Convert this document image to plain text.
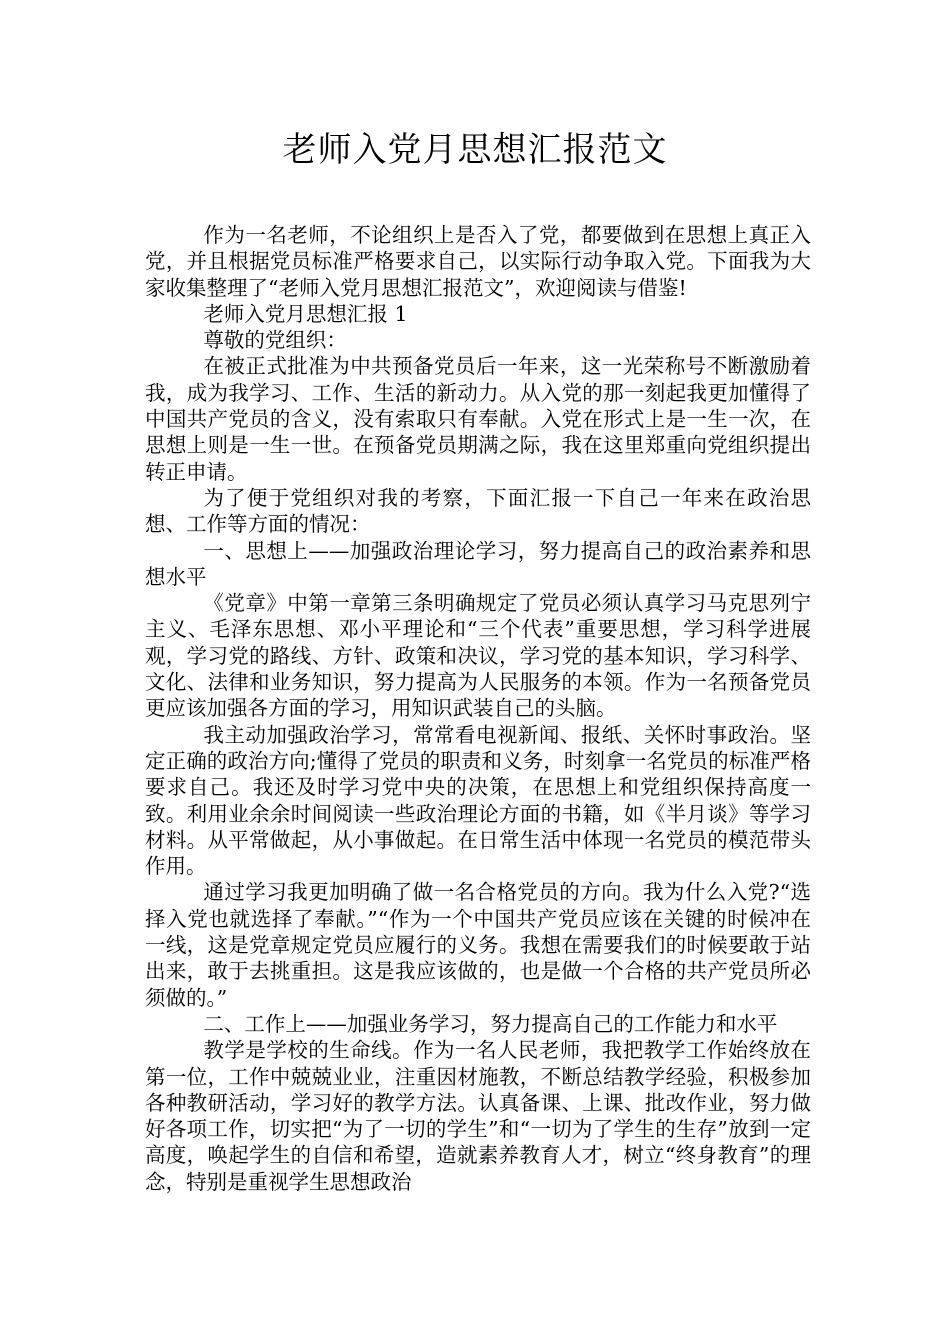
老师入党月思想汇报范文

作为一名老师，不论组织上是否入了党，都要做到在思想上真正入党，并且根据党员标准严格要求自己，以实际行动争取入党。下面我为大家收集整理了“老师入党月思想汇报范文”，欢迎阅读与借鉴!

老师入党月思想汇报 1

尊敬的党组织：

在被正式批准为中共预备党员后一年来，这一光荣称号不断激励着我，成为我学习、工作、生活的新动力。从入党的那一刻起我更加懂得了中国共产党员的含义，没有索取只有奉献。入党在形式上是一生一次，在思想上则是一生一世。在预备党员期满之际，我在这里郑重向党组织提出转正申请。

为了便于党组织对我的考察，下面汇报一下自己一年来在政治思想、工作等方面的情况：

一、思想上——加强政治理论学习，努力提高自己的政治素养和思想水平

《党章》中第一章第三条明确规定了党员必须认真学习马克思列宁主义、毛泽东思想、邓小平理论和“三个代表”重要思想，学习科学进展观，学习党的路线、方针、政策和决议，学习党的基本知识，学习科学、文化、法律和业务知识，努力提高为人民服务的本领。作为一名预备党员更应该加强各方面的学习，用知识武装自己的头脑。

我主动加强政治学习，常常看电视新闻、报纸、关怀时事政治。坚定正确的政治方向;懂得了党员的职责和义务，时刻拿一名党员的标准严格要求自己。我还及时学习党中央的决策，在思想上和党组织保持高度一致。利用业余余时间阅读一些政治理论方面的书籍，如《半月谈》等学习材料。从平常做起，从小事做起。在日常生活中体现一名党员的模范带头作用。

通过学习我更加明确了做一名合格党员的方向。我为什么入党?“选择入党也就选择了奉献。”“作为一个中国共产党员应该在关键的时候冲在一线，这是党章规定党员应履行的义务。我想在需要我们的时候要敢于站出来，敢于去挑重担。这是我应该做的，也是做一个合格的共产党员所必须做的。”

二、工作上——加强业务学习，努力提高自己的工作能力和水平

教学是学校的生命线。作为一名人民老师，我把教学工作始终放在第一位，工作中兢兢业业，注重因材施教，不断总结教学经验，积极参加各种教研活动，学习好的教学方法。认真备课、上课、批改作业，努力做好各项工作，切实把“为了一切的学生”和“一切为了学生的生存”放到一定高度，唤起学生的自信和希望，造就素养教育人才，树立“终身教育”的理念，特别是重视学生思想政治
